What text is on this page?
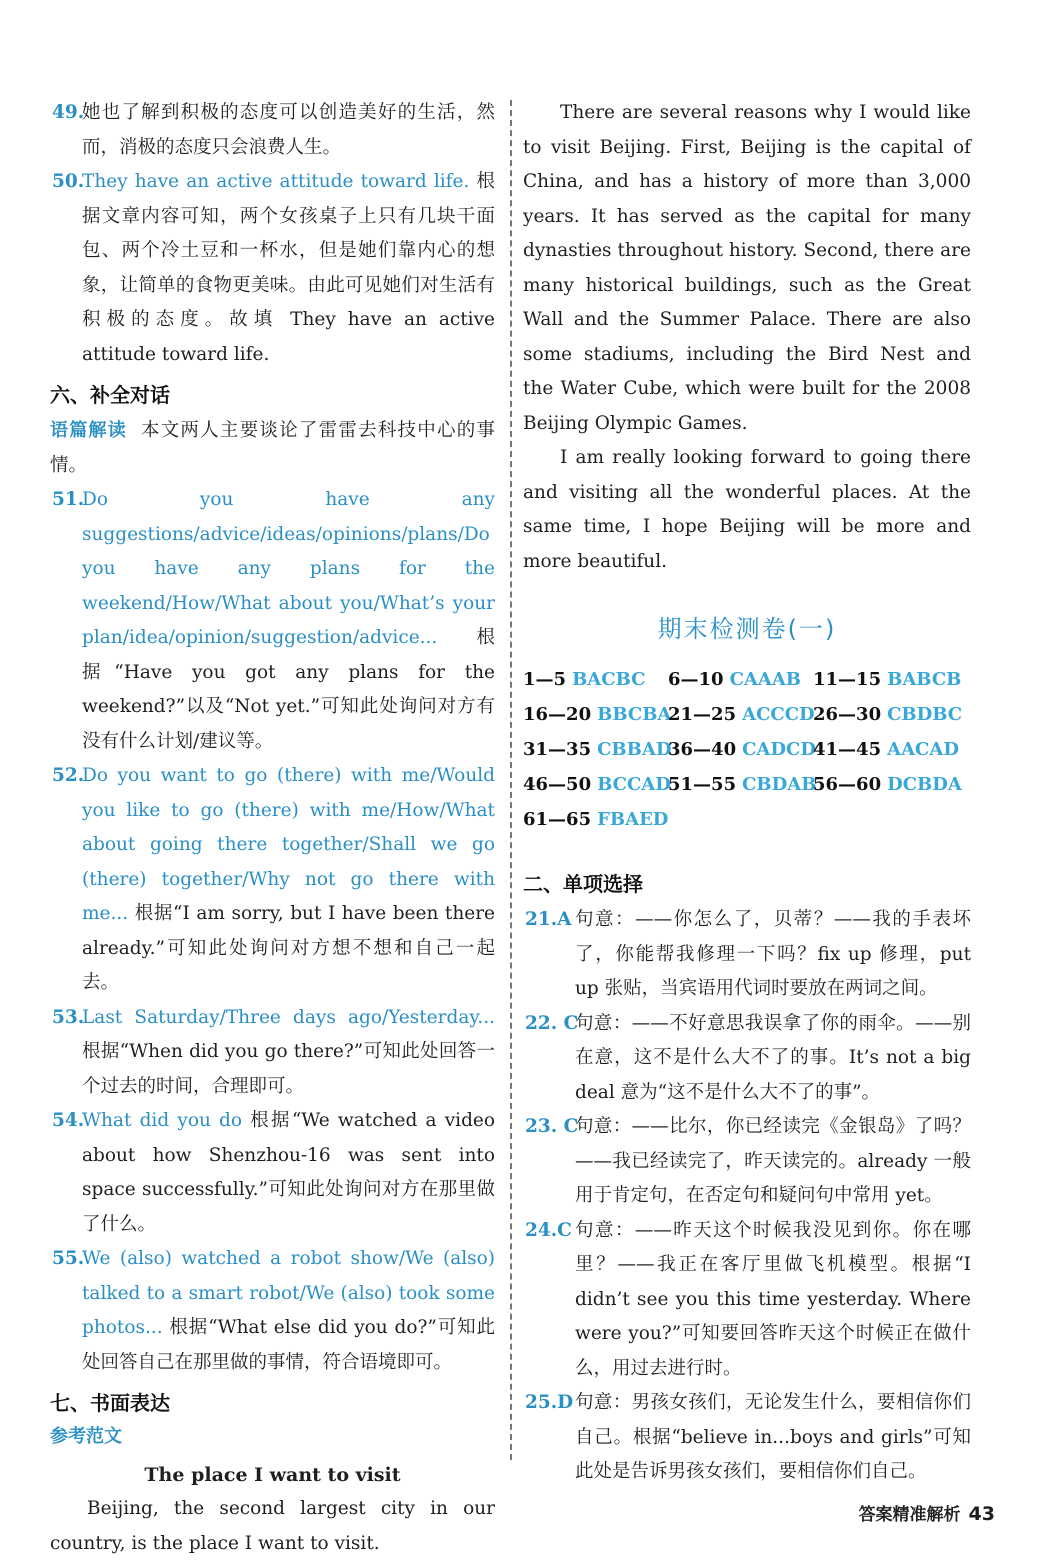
49.
她也了解到积极的态度可以创造美好的生活，然而，消极的态度只会浪费人生。

50.
They have an active attitude toward life. 根据文章内容可知，两个女孩桌子上只有几块干面包、两个冷土豆和一杯水，但是她们靠内心的想象，让简单的食物更美味。由此可见她们对生活有积极的态度。故填 They have an active attitude toward life.

六、补全对话

语篇解读 本文两人主要谈论了雷雷去科技中心的事情。

51.
Do you have any suggestions/advice/ideas/opinions/plans/Do you have any plans for the weekend/How/What about you/What’s your plan/idea/opinion/suggestion/advice... 根据“Have you got any plans for the weekend?”以及“Not yet.”可知此处询问对方有没有什么计划/建议等。

52.
Do you want to go (there) with me/Would you like to go (there) with me/How/What about going there together/Shall we go (there) together/Why not go there with me... 根据“I am sorry, but I have been there already.”可知此处询问对方想不想和自己一起去。

53.
Last Saturday/Three days ago/Yesterday... 根据“When did you go there?”可知此处回答一个过去的时间，合理即可。

54.
What did you do 根据“We watched a video about how Shenzhou-16 was sent into space successfully.”可知此处询问对方在那里做了什么。

55.
We (also) watched a robot show/We (also) talked to a smart robot/We (also) took some photos... 根据“What else did you do?”可知此处回答自己在那里做的事情，符合语境即可。

七、书面表达
参考范文
The place I want to visit

Beijing, the second largest city in our country, is the place I want to visit.

There are several reasons why I would like to visit Beijing. First, Beijing is the capital of China, and has a history of more than 3,000 years. It has served as the capital for many dynasties throughout history. Second, there are many historical buildings, such as the Great Wall and the Summer Palace. There are also some stadiums, including the Bird Nest and the Water Cube, which were built for the 2008 Beijing Olympic Games.

I am really looking forward to going there and visiting all the wonderful places. At the same time, I hope Beijing will be more and more beautiful.

期末检测卷(一)
1—5 BACBC	6—10 CAAAB 11—15 BABCB
16—20 BBCBA
21—25 ACCCD
26—30 CBDBC
31—35 CBBAD
36—40 CADCD
41—45 AACAD
46—50 BCCAD
51—55 CBDAB
56—60 DCBDA
61—65 FBAED
二、单项选择

21.A 句意：——你怎么了，贝蒂？——我的手表坏了，你能帮我修理一下吗？fix up 修理，put up 张贴，当宾语用代词时要放在两词之间。

22. C
句意：——不好意思我误拿了你的雨伞。——别在意，这不是什么大不了的事。It’s not a big deal 意为“这不是什么大不了的事”。

23. C
句意：——比尔，你已经读完《金银岛》了吗？——我已经读完了，昨天读完的。already 一般用于肯定句，在否定句和疑问句中常用 yet。

24.C 句意：——昨天这个时候我没见到你。你在哪里？——我正在客厅里做飞机模型。根据“I didn’t see you this time yesterday. Where were you?”可知要回答昨天这个时候正在做什么，用过去进行时。

25.D 句意：男孩女孩们，无论发生什么，要相信你们自己。根据“believe in...boys and girls”可知此处是告诉男孩女孩们，要相信你们自己。

答案精准解析 43
